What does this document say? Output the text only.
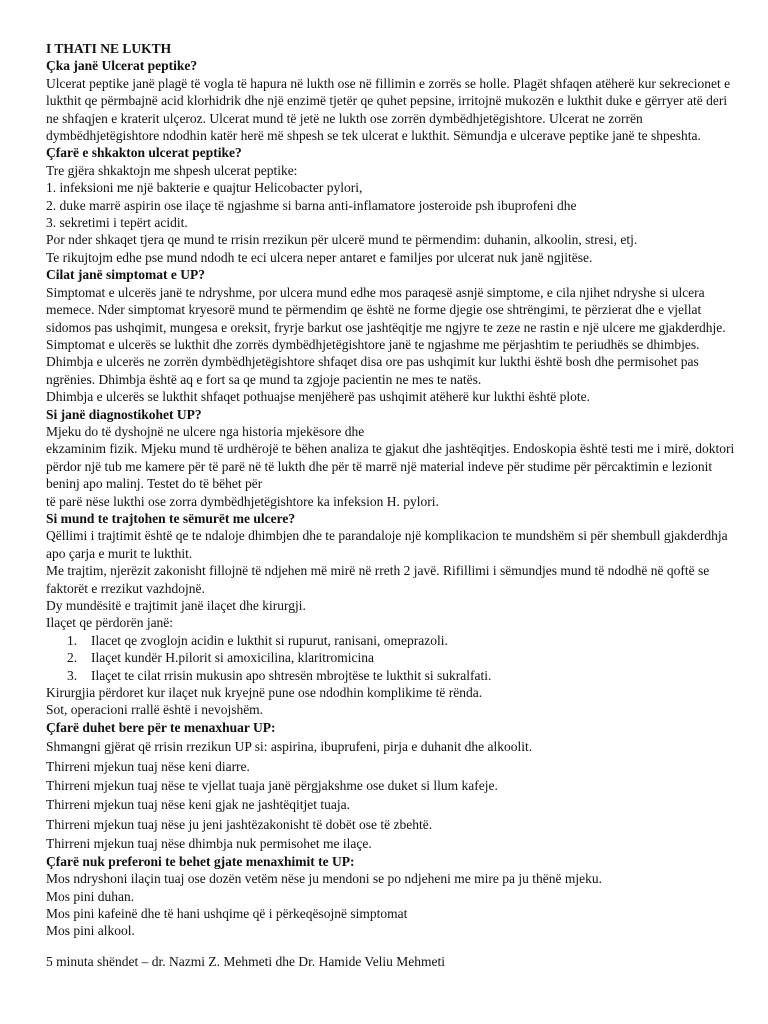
I THATI NE LUKTH
Çka janë Ulcerat peptike?

Ulcerat peptike janë plagë të vogla të hapura në lukth ose në fillimin e zorrës se holle. Plagët shfaqen atëherë kur sekrecionet e lukthit qe përmbajnë acid klorhidrik dhe një enzimë tjetër qe quhet pepsine, irritojnë mukozën e lukthit duke e gërryer atë deri ne shfaqjen e kraterit ulçeroz. Ulcerat mund të jetë ne lukth ose zorrën dymbëdhjetëgishtore. Ulcerat ne zorrën dymbëdhjetëgishtore ndodhin katër herë më shpesh se tek ulcerat e lukthit. Sëmundja e ulcerave peptike janë te shpeshta.

Çfarë e shkakton ulcerat peptike?

Tre gjëra shkaktojn me shpesh ulcerat peptike:

1. infeksioni me një bakterie e quajtur Helicobacter pylori,

2. duke marrë aspirin ose ilaçe të ngjashme si barna anti-inflamatore josteroide psh ibuprofeni dhe

3. sekretimi i tepërt acidit.

Por nder shkaqet tjera qe mund te rrisin rrezikun për ulcerë mund te përmendim: duhanin, alkoolin, stresi, etj.

Te rikujtojm edhe pse mund ndodh te eci ulcera neper antaret e familjes por ulcerat nuk janë ngjitëse.

Cilat janë simptomat e UP?

Simptomat e ulcerës janë te ndryshme, por ulcera mund edhe mos paraqesë asnjë simptome, e cila njihet ndryshe si ulcera memece. Nder simptomat kryesorë mund te përmendim qe është ne forme djegie ose shtrëngimi, te përzierat dhe e vjellat sidomos pas ushqimit, mungesa e oreksit, fryrje barkut ose jashtëqitje me ngjyre te zeze ne rastin e një ulcere me gjakderdhje. Simptomat e ulcerës se lukthit dhe zorrës dymbëdhjetëgishtore janë te ngjashme me përjashtim te periudhës se dhimbjes.

Dhimbja e ulcerës ne zorrën dymbëdhjetëgishtore shfaqet disa ore pas ushqimit kur lukthi është bosh dhe permisohet pas ngrënies. Dhimbja është aq e fort sa qe mund ta zgjoje pacientin ne mes te natës.

Dhimbja e ulcerës se lukthit shfaqet pothuajse menjëherë pas ushqimit atëherë kur lukthi është plote.

Si janë diagnostikohet UP?

Mjeku do të dyshojnë ne ulcere nga historia mjekësore dhe

ekzaminim fizik. Mjeku mund të urdhërojë te bëhen analiza te gjakut dhe jashtëqitjes. Endoskopia është testi me i mirë, doktori përdor një tub me kamere për të parë në të lukth dhe për të marrë një material indeve për studime për përcaktimin e lezionit beninj apo malinj. Testet do të bëhet për

të parë nëse lukthi ose zorra dymbëdhjetëgishtore ka infeksion H. pylori.

Si mund te trajtohen te sëmurët me ulcere?

Qëllimi i trajtimit është qe te ndaloje dhimbjen dhe te parandaloje një komplikacion te mundshëm si për shembull gjakderdhja apo çarja e murit te lukthit.

Me trajtim, njerëzit zakonisht fillojnë të ndjehen më mirë në rreth 2 javë. Rifillimi i sëmundjes mund të ndodhë në qoftë se faktorët e rrezikut vazhdojnë.

Dy mundësitë e trajtimit janë ilaçet dhe kirurgji.

Ilaçet qe përdorën janë:

1. Ilacet qe zvoglojn acidin e lukthit si rupurut, ranisani, omeprazoli.
2. Ilaçet kundër H.pilorit si amoxicilina, klaritromicina
3. Ilaçet te cilat rrisin mukusin apo shtresën mbrojtëse te lukthit si sukralfati.

Kirurgjia përdoret kur ilaçet nuk kryejnë pune ose ndodhin komplikime të rënda.

Sot, operacioni rrallë është i nevojshëm.

Çfarë duhet bere për te menaxhuar UP:

Shmangni gjërat që rrisin rrezikun UP si: aspirina, ibuprufeni, pirja e duhanit dhe alkoolit.

Thirreni mjekun tuaj nëse keni diarre.

Thirreni mjekun tuaj nëse te vjellat tuaja janë përgjakshme ose duket si llum kafeje.

Thirreni mjekun tuaj nëse keni gjak ne jashtëqitjet tuaja.

Thirreni mjekun tuaj nëse ju jeni jashtëzakonisht të dobët ose të zbehtë.

Thirreni mjekun tuaj nëse dhimbja nuk permisohet me ilaçe.

Çfarë nuk preferoni te behet gjate menaxhimit te UP:

Mos ndryshoni ilaçin tuaj ose dozën vetëm nëse ju mendoni se po ndjeheni me mire pa ju thënë mjeku.

Mos pini duhan.

Mos pini kafeinë dhe të hani ushqime që i përkeqësojnë simptomat

Mos pini alkool.

5 minuta shëndet – dr. Nazmi Z. Mehmeti dhe Dr. Hamide Veliu Mehmeti
